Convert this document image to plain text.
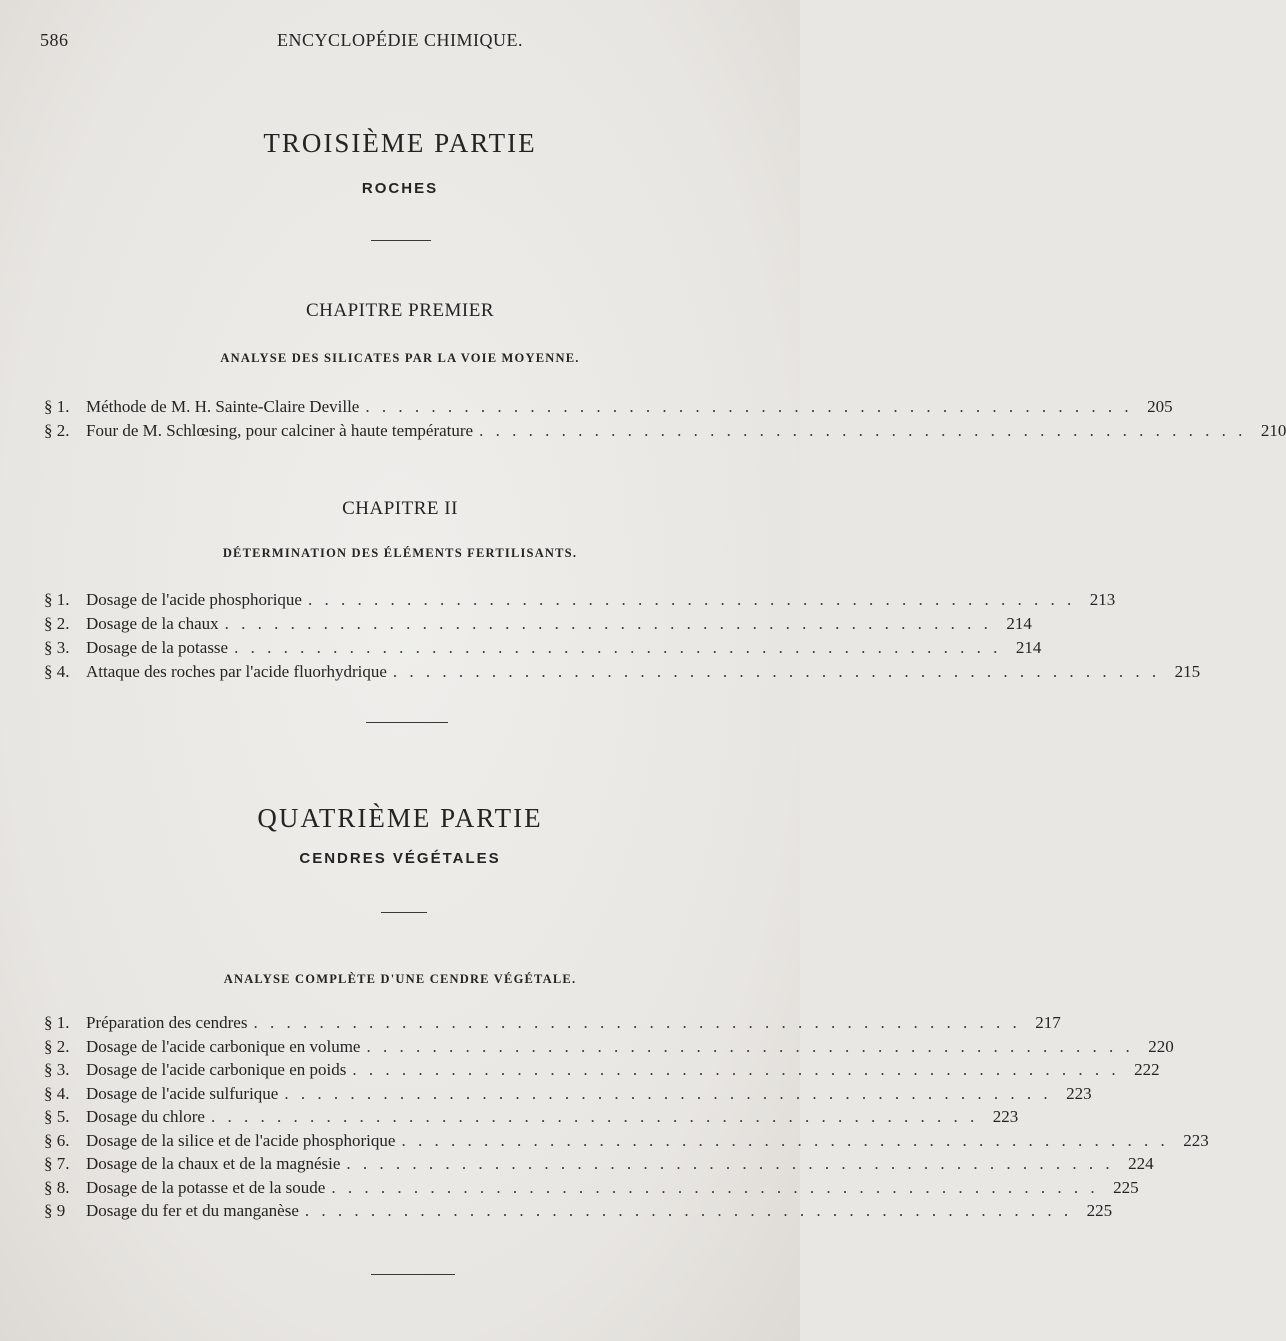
586	ENCYCLOPÉDIE CHIMIQUE.
TROISIÈME PARTIE
ROCHES
CHAPITRE PREMIER
ANALYSE DES SILICATES PAR LA VOIE MOYENNE.
§ 1. Méthode de M. H. Sainte-Claire Deville . . . . . . . . . . . . . . . . . . . . . . . . . . . . . . . . . . . . . . . . . . . . . . . 205
§ 2. Four de M. Schlœsing, pour calciner à haute température . . . . . . . . . . . . . . . . . . . . . . . . . . . . . . . . . . . . . . . . . . . . . . . 210
CHAPITRE II
DÉTERMINATION DES ÉLÉMENTS FERTILISANTS.
§ 1. Dosage de l'acide phosphorique . . . . . . . . . . . . . . . . . . . . . . . . . . . . . . . . . . . . . . . . . . . . . . . 213
§ 2. Dosage de la chaux . . . . . . . . . . . . . . . . . . . . . . . . . . . . . . . . . . . . . . . . . . . . . . . 214
§ 3. Dosage de la potasse . . . . . . . . . . . . . . . . . . . . . . . . . . . . . . . . . . . . . . . . . . . . . . . 214
§ 4. Attaque des roches par l'acide fluorhydrique . . . . . . . . . . . . . . . . . . . . . . . . . . . . . . . . . . . . . . . . . . . . . . . 215
QUATRIÈME PARTIE
CENDRES VÉGÉTALES
ANALYSE COMPLÈTE D'UNE CENDRE VÉGÉTALE.
§ 1. Préparation des cendres . . . . . . . . . . . . . . . . . . . . . . . . . . . . . . . . . . . . . . . . . . . . . . . 217
§ 2. Dosage de l'acide carbonique en volume . . . . . . . . . . . . . . . . . . . . . . . . . . . . . . . . . . . . . . . . . . . . . . . 220
§ 3. Dosage de l'acide carbonique en poids . . . . . . . . . . . . . . . . . . . . . . . . . . . . . . . . . . . . . . . . . . . . . . . 222
§ 4. Dosage de l'acide sulfurique . . . . . . . . . . . . . . . . . . . . . . . . . . . . . . . . . . . . . . . . . . . . . . . 223
§ 5. Dosage du chlore . . . . . . . . . . . . . . . . . . . . . . . . . . . . . . . . . . . . . . . . . . . . . . . 223
§ 6. Dosage de la silice et de l'acide phosphorique . . . . . . . . . . . . . . . . . . . . . . . . . . . . . . . . . . . . . . . . . . . . . . . 223
§ 7. Dosage de la chaux et de la magnésie . . . . . . . . . . . . . . . . . . . . . . . . . . . . . . . . . . . . . . . . . . . . . . . 224
§ 8. Dosage de la potasse et de la soude . . . . . . . . . . . . . . . . . . . . . . . . . . . . . . . . . . . . . . . . . . . . . . . 225
§ 9	Dosage du fer et du manganèse . . . . . . . . . . . . . . . . . . . . . . . . . . . . . . . . . . . . . . . . . . . . . . . 225
